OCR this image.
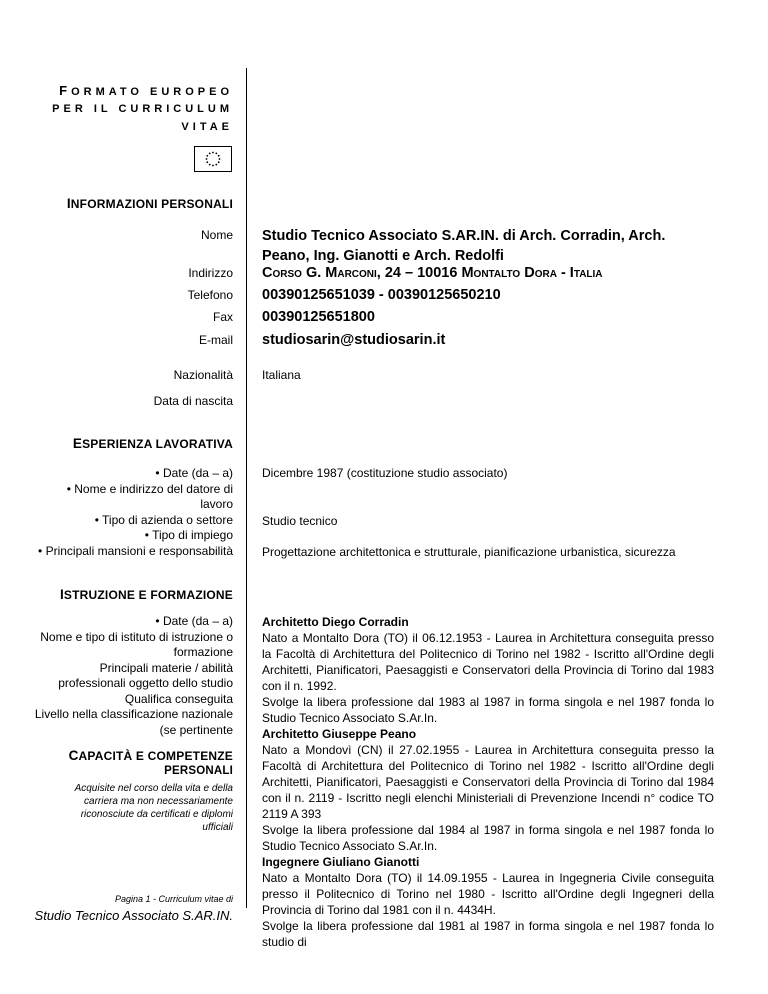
FORMATO EUROPEO
PER IL CURRICULUM
VITAE
INFORMAZIONI PERSONALI
Nome Studio Tecnico Associato S.AR.IN. di Arch. Corradin, Arch. Peano, Ing. Gianotti e Arch. Redolfi
Indirizzo Corso G. Marconi, 24 – 10016 Montalto Dora - Italia
Telefono 00390125651039 - 00390125650210
Fax 00390125651800
E-mail studiosarin@studiosarin.it
Nazionalità Italiana
Data di nascita
ESPERIENZA LAVORATIVA
• Date (da – a) Dicembre 1987 (costituzione studio associato)
• Nome e indirizzo del datore di
lavoro
• Tipo di azienda o settore Studio tecnico
• Tipo di impiego
• Principali mansioni e responsabilità Progettazione architettonica e strutturale, pianificazione urbanistica, sicurezza
ISTRUZIONE E FORMAZIONE
• Date (da – a)
Nome e tipo di istituto di istruzione o
formazione
Principali materie / abilità
professionali oggetto dello studio
Qualifica conseguita
Livello nella classificazione nazionale
(se pertinente
CAPACITÀ E COMPETENZE
PERSONALI
Acquisite nel corso della vita e della carriera ma non necessariamente riconosciute da certificati e diplomi ufficiali

Architetto Diego Corradin

Nato a Montalto Dora (TO) il 06.12.1953 - Laurea in Architettura conseguita presso la Facoltà di Architettura del Politecnico di Torino nel 1982 - Iscritto all'Ordine degli Architetti, Pianificatori, Paesaggisti e Conservatori della Provincia di Torino dal 1983 con il n. 1992.

Svolge la libera professione dal 1983 al 1987 in forma singola e nel 1987 fonda lo Studio Tecnico Associato S.Ar.In.

Architetto Giuseppe Peano

Nato a Mondovì (CN) il 27.02.1955 - Laurea in Architettura conseguita presso la Facoltà di Architettura del Politecnico di Torino nel 1982 - Iscritto all'Ordine degli Architetti, Pianificatori, Paesaggisti e Conservatori della Provincia di Torino dal 1984 con il n. 2119 - Iscritto negli elenchi Ministeriali di Prevenzione Incendi n° codice TO 2119 A 393

Svolge la libera professione dal 1984 al 1987 in forma singola e nel 1987 fonda lo Studio Tecnico Associato S.Ar.In.

Ingegnere Giuliano Gianotti

Nato a Montalto Dora (TO) il 14.09.1955 - Laurea in Ingegneria Civile conseguita presso il Politecnico di Torino nel 1980 - Iscritto all'Ordine degli Ingegneri della Provincia di Torino dal 1981 con il n. 4434H.

Svolge la libera professione dal 1981 al 1987 in forma singola e nel 1987 fonda lo studio di

Pagina 1 - Curriculum vitae di
Studio Tecnico Associato S.AR.IN.
